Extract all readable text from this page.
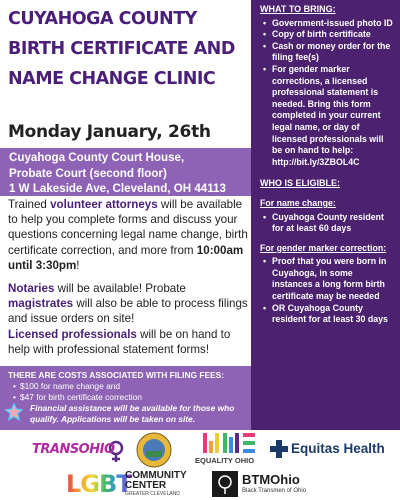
CUYAHOGA COUNTY
BIRTH CERTIFICATE AND
NAME CHANGE CLINIC
Monday January, 26th
Cuyahoga County Court House,
Probate Court (second floor)
1 W Lakeside Ave, Cleveland, OH 44113

Trained volunteer attorneys will be available to help you complete forms and discuss your questions concerning legal name change, birth certificate correction, and more from 10:00am until 3:30pm!

Notaries will be available! Probate magistrates will also be able to process filings and issue orders on site!
Licensed professionals will be on hand to help with professional statement forms!

THERE ARE COSTS ASSOCIATED WITH FILING FEES:
• $100 for name change and
• $47 for birth certificate correction
Financial assistance will be available for those who qualify. Applications will be taken on site.
WHAT TO BRING:
• Government-issued photo ID
• Copy of birth certificate
• Cash or money order for the filing fee(s)
• For gender marker corrections, a licensed professional statement is needed. Bring this form completed in your current legal name, or day of licensed professionals will be on hand to help: http://bit.ly/3ZBOL4C
WHO IS ELIGIBLE:
For name change:
• Cuyahoga County resident for at least 60 days
For gender marker correction:
• Proof that you were born in Cuyahoga, in some instances a long form birth certificate may be needed
• OR Cuyahoga County resident for at least 30 days
TRANSOHIO
EQUALITY OHIO
Equitas Health
LGBT
COMMUNITY
CENTER
GREATER CLEVELAND
BTMOhio
Black Transmen of Ohio
